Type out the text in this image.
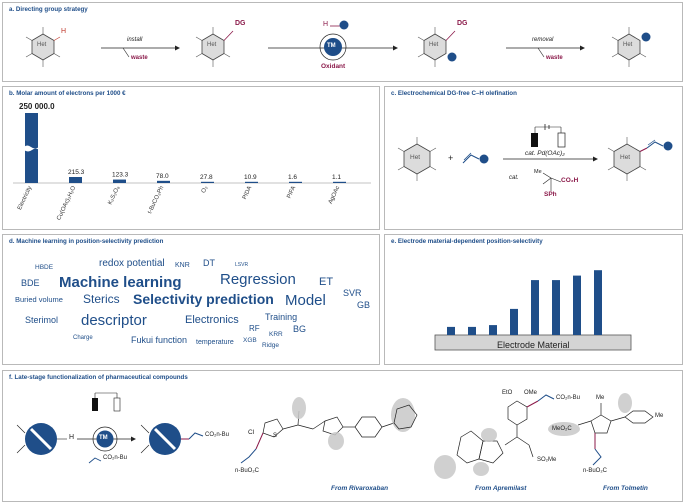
a. Directing group strategy
Het
H
install
waste
Het
DG
TM
H
Oxidant
Het
DG
removal
waste
Het
b. Molar amount of electrons per 1000 €
250 000.0
Electricity
215.3
Cu(OAc)₂H₂O
123.3
K₂S₂O₈
78.0
t-BuCO₃Ph
27.8
O₂
10.9
PIDA
1.6
PIFA
1.1
AgOAc
c. Electrochemical DG-free C–H olefination
Het	+	cat. Pd(OAc)₂
cat.
Me
CO₂H
SPh
Het
d. Machine learning in position-selectivity prediction
HBDE	redox potential KNR DT	LSVR
BDE Machine learning	Regression ET
SVR
Buried volume Sterics Selectivity prediction Model	GB
Sterimol descriptor	Electronics	Training
BG
RF
KRR
Charge	Fukui function temperature XGB
Ridge
e. Electrode material-dependent position-selectivity
Electrode Material
f. Late-stage functionalization of pharmaceutical compounds
H	TM
CO₂n-Bu
CO₂n-Bu	Cl	S
n-BuO₂C
EtO OMe
CO₂n-Bu
SO₂Me
Me
Me
MeO₂C
n-BuO₂C
From Rivaroxaban	From Apremilast	From Tolmetin
